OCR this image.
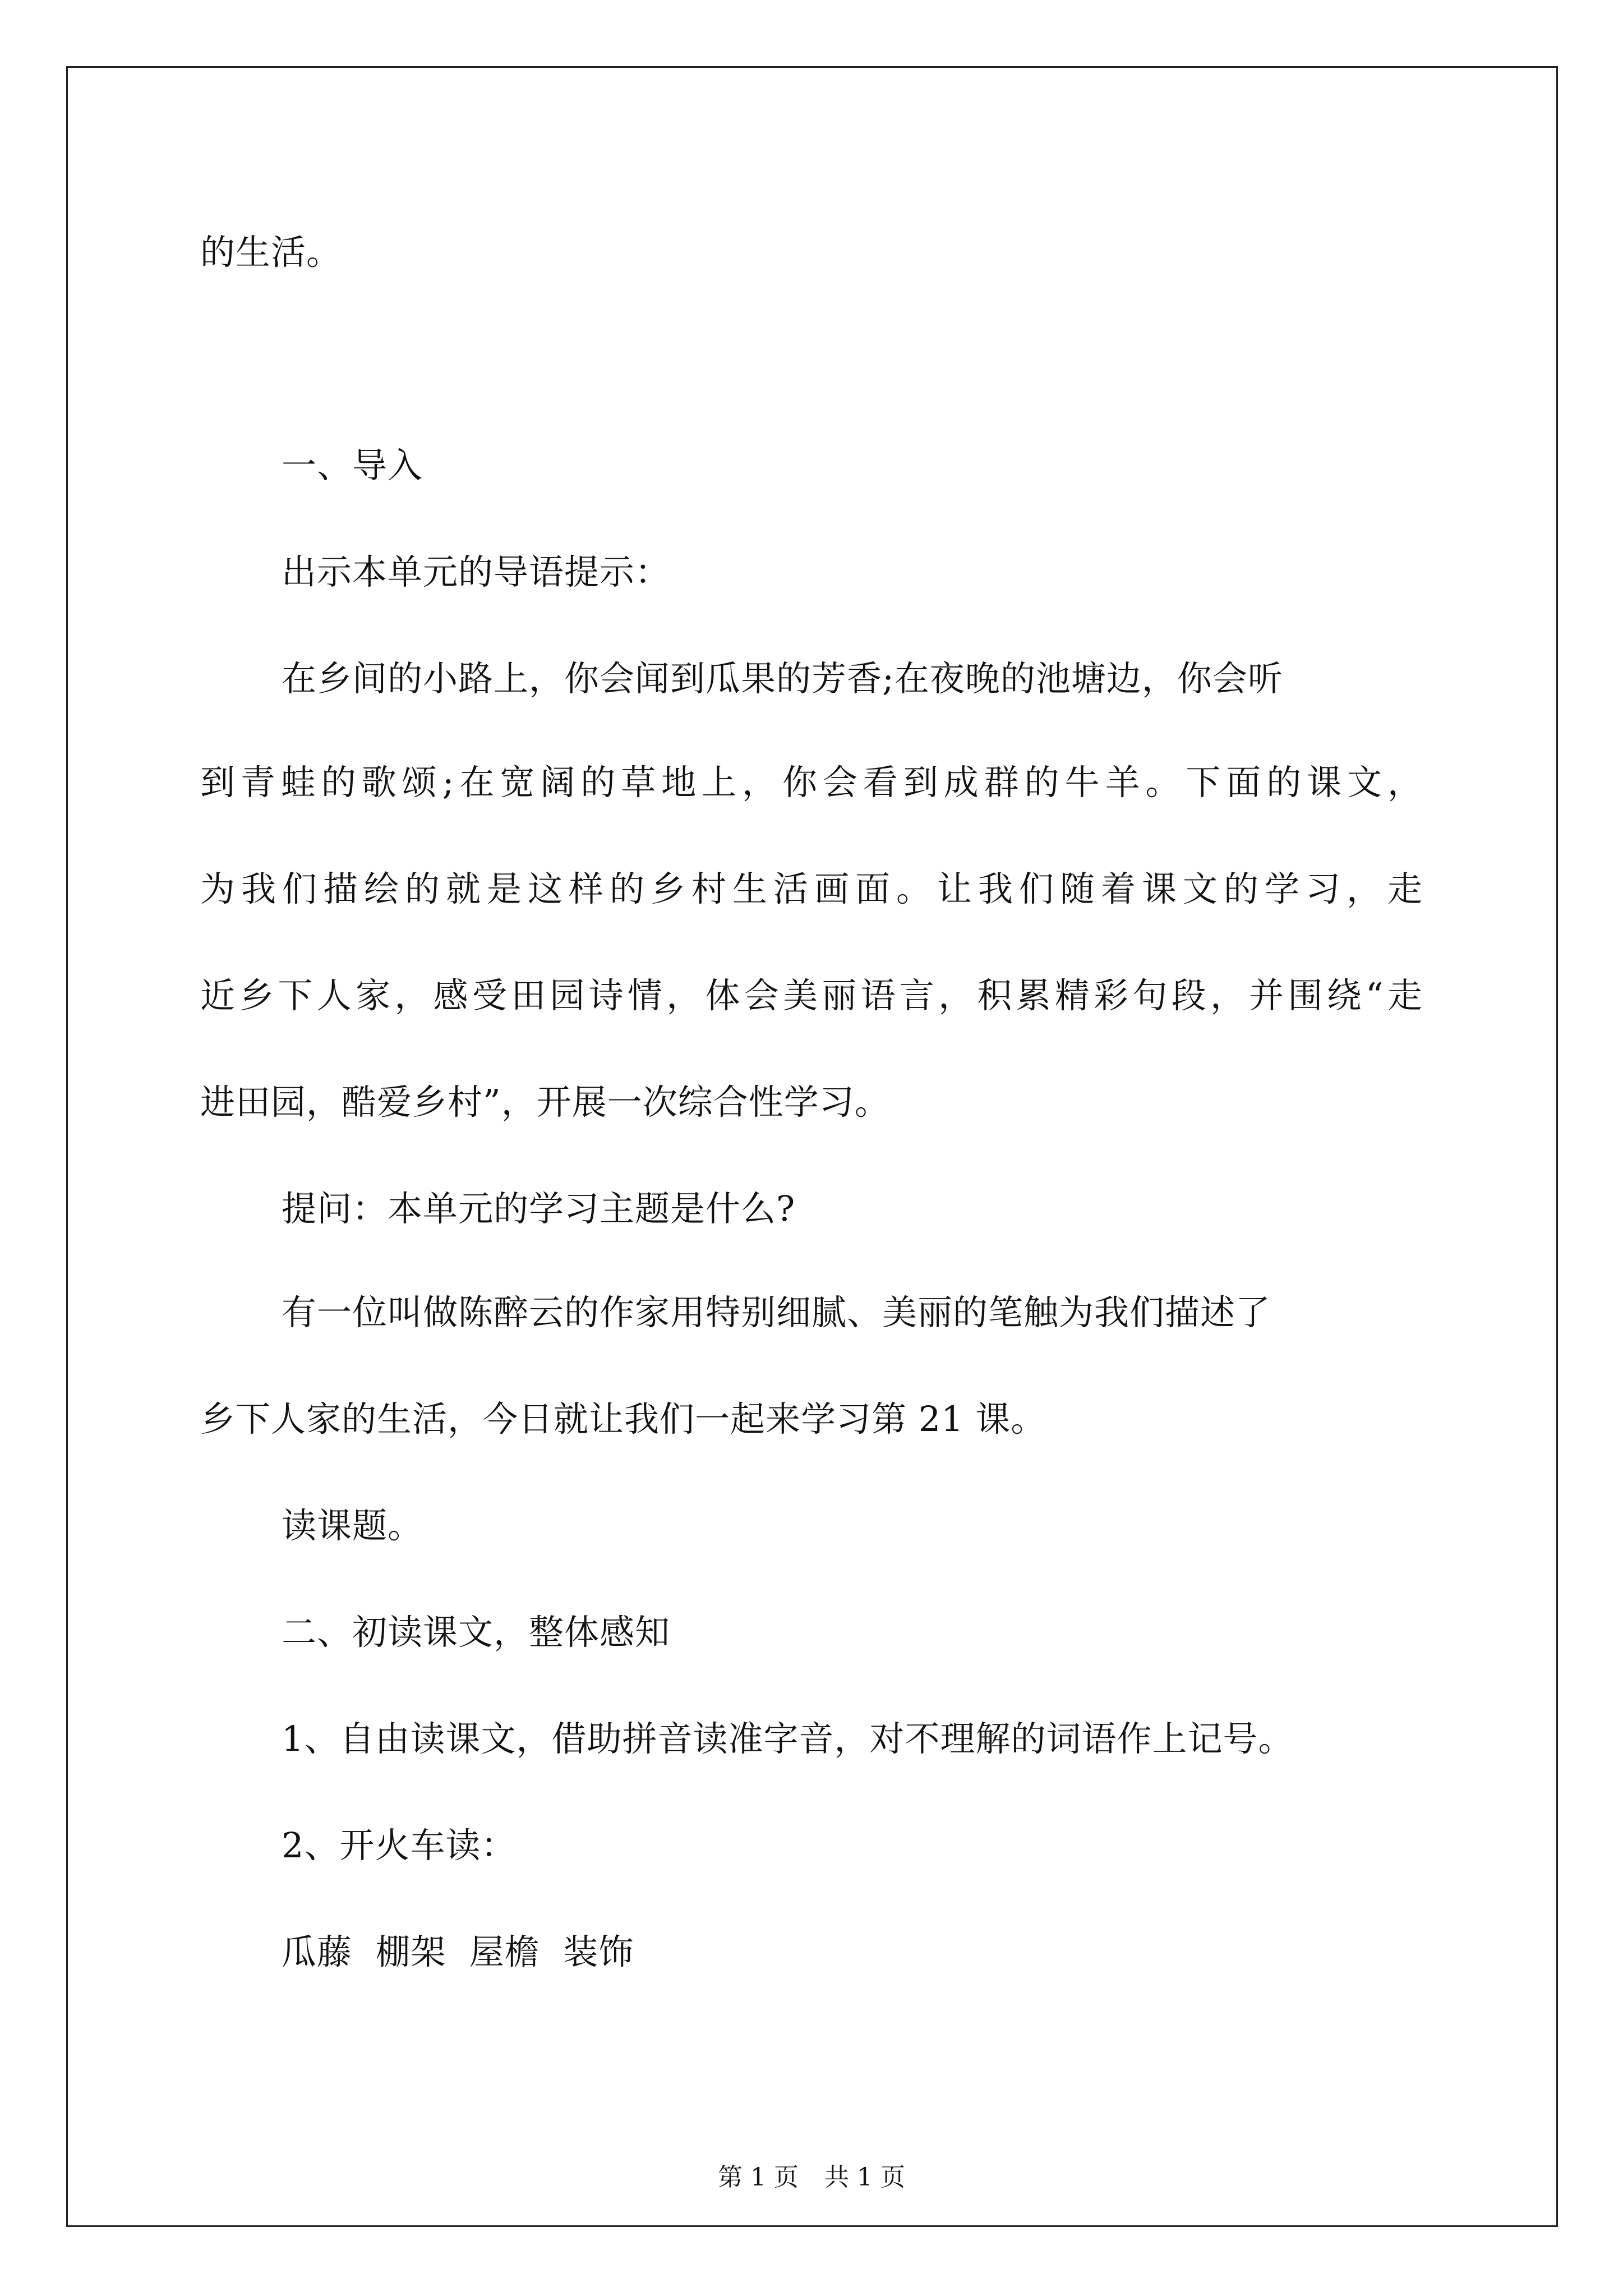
的生活。
一、导入
出示本单元的导语提示：
在乡间的小路上，你会闻到瓜果的芳香;在夜晚的池塘边，你会听
到青蛙的歌颂;在宽阔的草地上，你会看到成群的牛羊。下面的课文，
为我们描绘的就是这样的乡村生活画面。让我们随着课文的学习，走
近乡下人家，感受田园诗情，体会美丽语言，积累精彩句段，并围绕“走
进田园，酷爱乡村”，开展一次综合性学习。
提问：本单元的学习主题是什么?
有一位叫做陈醉云的作家用特别细腻、美丽的笔触为我们描述了
乡下人家的生活，今日就让我们一起来学习第 21 课。
读课题。
二、初读课文，整体感知
1、自由读课文，借助拼音读准字音，对不理解的词语作上记号。
2、开火车读：
瓜藤  棚架  屋檐  装饰
第 1 页 共 1 页
